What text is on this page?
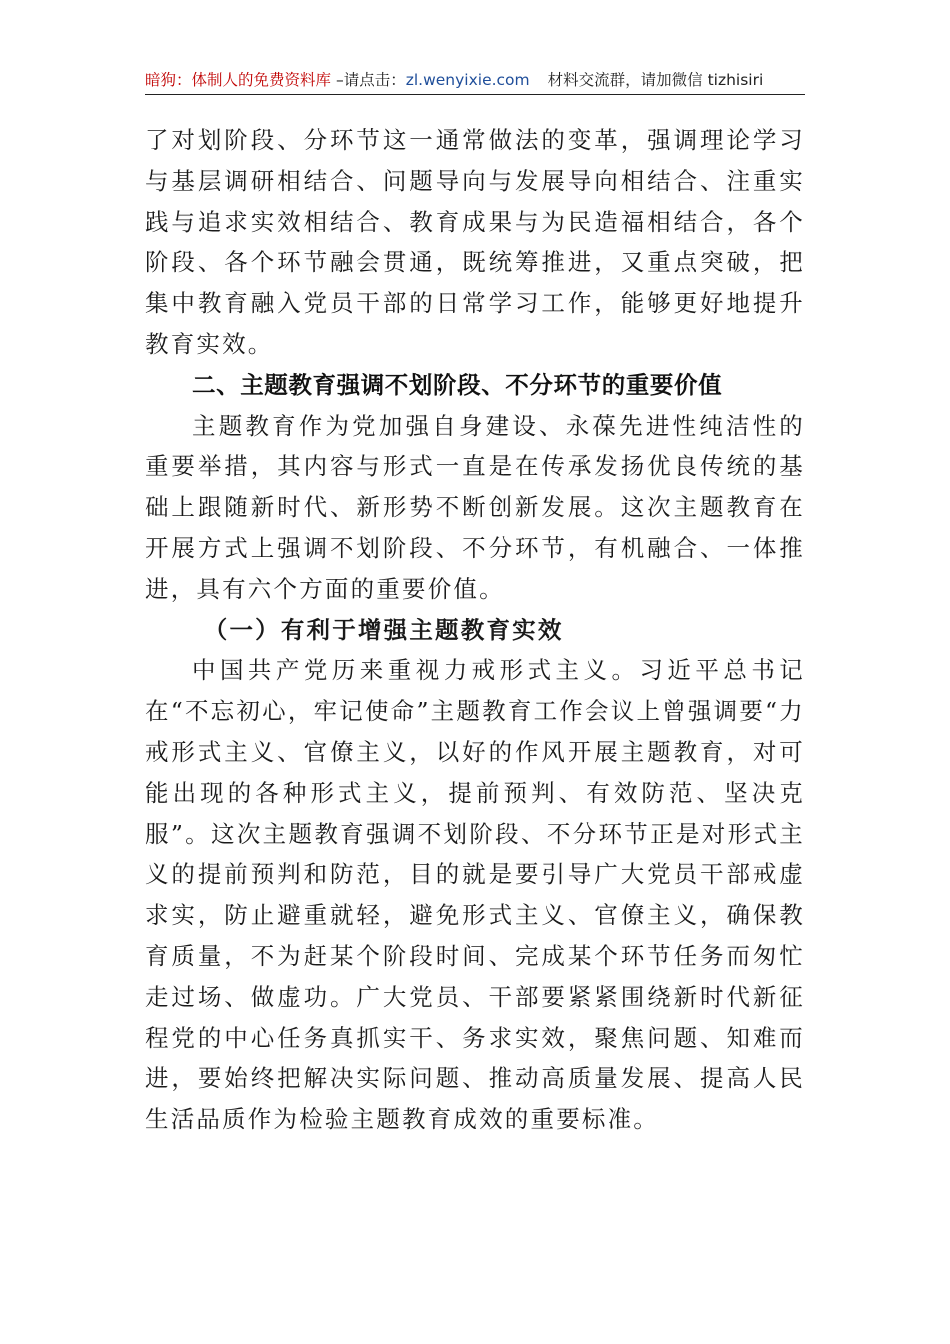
暗狗：体制人的免费资料库 –请点击：zl.wenyixie.com 材料交流群，请加微信 tizhisiri

了对划阶段、分环节这一通常做法的变革，强调理论学习与基层调研相结合、问题导向与发展导向相结合、注重实践与追求实效相结合、教育成果与为民造福相结合，各个阶段、各个环节融会贯通，既统筹推进，又重点突破，把集中教育融入党员干部的日常学习工作，能够更好地提升教育实效。

二、主题教育强调不划阶段、不分环节的重要价值

主题教育作为党加强自身建设、永葆先进性纯洁性的重要举措，其内容与形式一直是在传承发扬优良传统的基础上跟随新时代、新形势不断创新发展。这次主题教育在开展方式上强调不划阶段、不分环节，有机融合、一体推进，具有六个方面的重要价值。

（一）有利于增强主题教育实效

中国共产党历来重视力戒形式主义。习近平总书记在“不忘初心，牢记使命”主题教育工作会议上曾强调要“力戒形式主义、官僚主义，以好的作风开展主题教育，对可能出现的各种形式主义，提前预判、有效防范、坚决克服”。这次主题教育强调不划阶段、不分环节正是对形式主义的提前预判和防范，目的就是要引导广大党员干部戒虚求实，防止避重就轻，避免形式主义、官僚主义，确保教育质量，不为赶某个阶段时间、完成某个环节任务而匆忙走过场、做虚功。广大党员、干部要紧紧围绕新时代新征程党的中心任务真抓实干、务求实效，聚焦问题、知难而进，要始终把解决实际问题、推动高质量发展、提高人民生活品质作为检验主题教育成效的重要标准。
